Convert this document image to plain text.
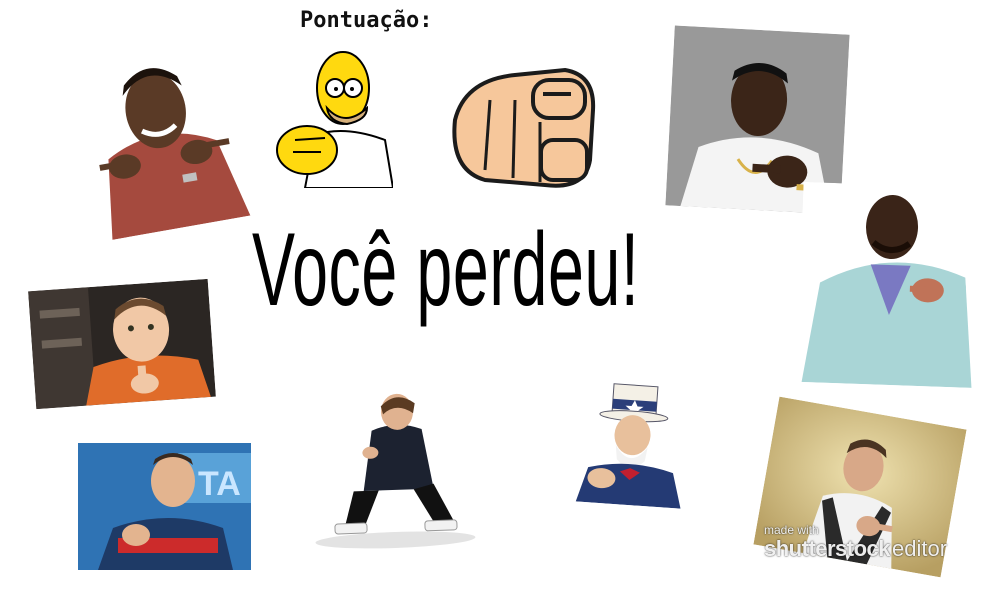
Pontuação:
TA
Você perdeu!
made with
shutterstockeditor
